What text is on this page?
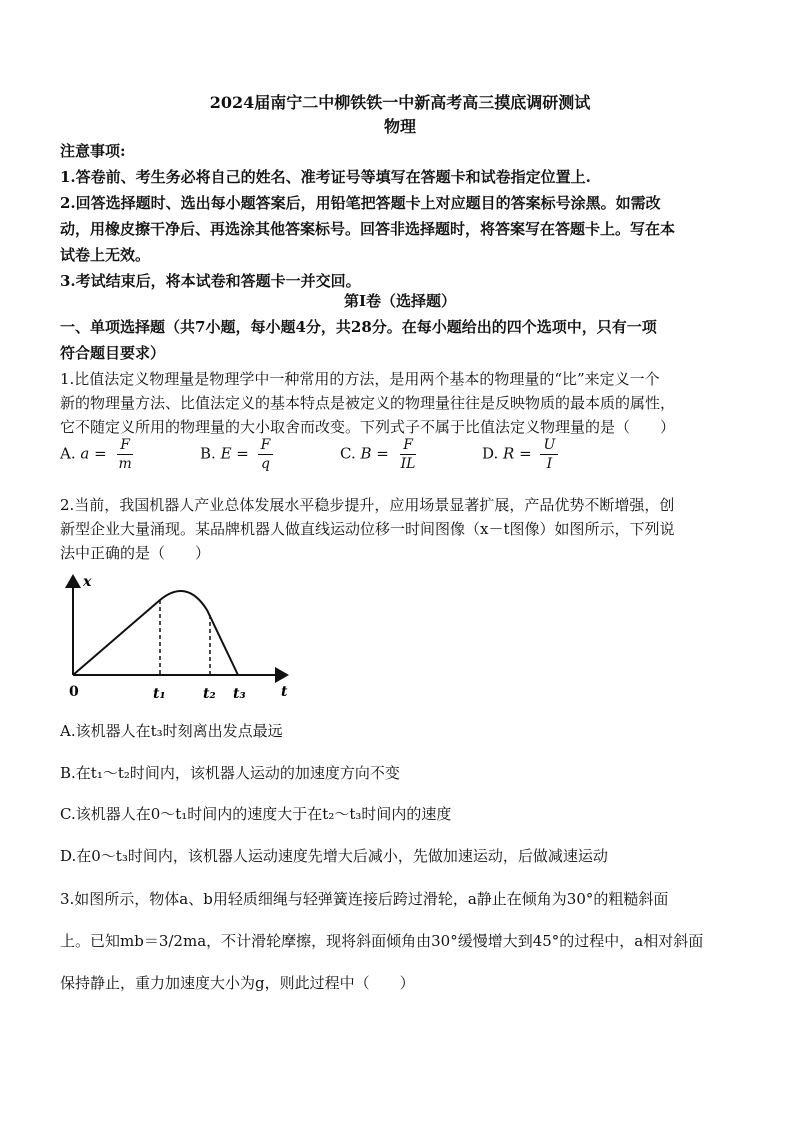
2024届南宁二中柳铁铁一中新高考高三摸底调研测试
物理
注意事项:
1.答卷前、考生务必将自己的姓名、准考证号等填写在答题卡和试卷指定位置上.
2.回答选择题时、选出每小题答案后，用铅笔把答题卡上对应题目的答案标号涂黑。如需改
动，用橡皮擦干净后、再选涂其他答案标号。回答非选择题时，将答案写在答题卡上。写在本
试卷上无效。
3.考试结束后，将本试卷和答题卡一并交回。
第Ⅰ卷（选择题）
一、单项选择题（共7小题，每小题4分，共28分。在每小题给出的四个选项中，只有一项
符合题目要求）
1.比值法定义物理量是物理学中一种常用的方法，是用两个基本的物理量的“比”来定义一个
新的物理量方法、比值法定义的基本特点是被定义的物理量往往是反映物质的最本质的属性，
它不随定义所用的物理量的大小取舍而改变。下列式子不属于比值法定义物理量的是（　　）
A. $a = \frac{F}{m}$	B. $E = \frac{F}{q}$	C. $B = \frac{F}{IL}$	D. $R = \frac{U}{I}$
2.当前，我国机器人产业总体发展水平稳步提升，应用场景显著扩展，产品优势不断增强，创
新型企业大量涌现。某品牌机器人做直线运动位移一时间图像（x－t图像）如图所示，下列说
法中正确的是（　　）
x
t
0	t₁	t₂ t₃
A.该机器人在t₃时刻离出发点最远
B.在t₁～t₂时间内，该机器人运动的加速度方向不变
C.该机器人在0～t₁时间内的速度大于在t₂～t₃时间内的速度
D.在0～t₃时间内，该机器人运动速度先增大后减小，先做加速运动，后做减速运动
3.如图所示，物体a、b用轻质细绳与轻弹簧连接后跨过滑轮，a静止在倾角为30°的粗糙斜面
上。已知mb＝3/2ma，不计滑轮摩擦，现将斜面倾角由30°缓慢增大到45°的过程中，a相对斜面
保持静止，重力加速度大小为g，则此过程中（　　）
